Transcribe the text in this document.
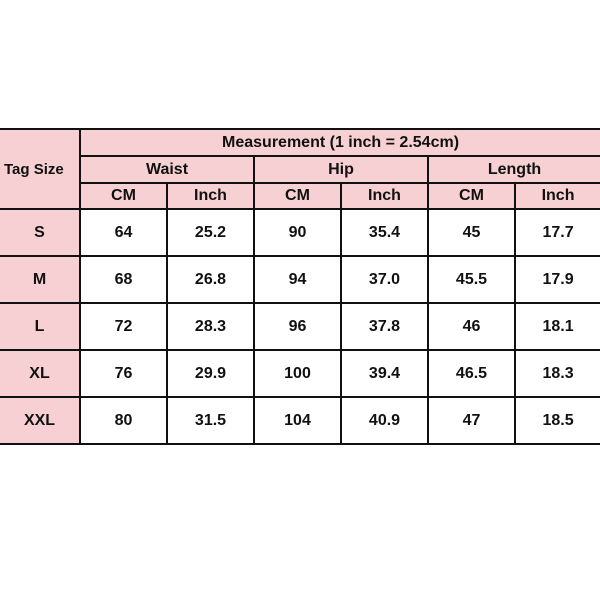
Tag Size	Measurement (1 inch = 2.54cm)					
	Waist		Hip		Length	
	CM	Inch	CM	Inch	CM	Inch
S	64	25.2	90	35.4	45	17.7
M	68	26.8	94	37.0	45.5	17.9
L	72	28.3	96	37.8	46	18.1
XL	76	29.9	100	39.4	46.5	18.3
XXL	80	31.5	104	40.9	47	18.5
